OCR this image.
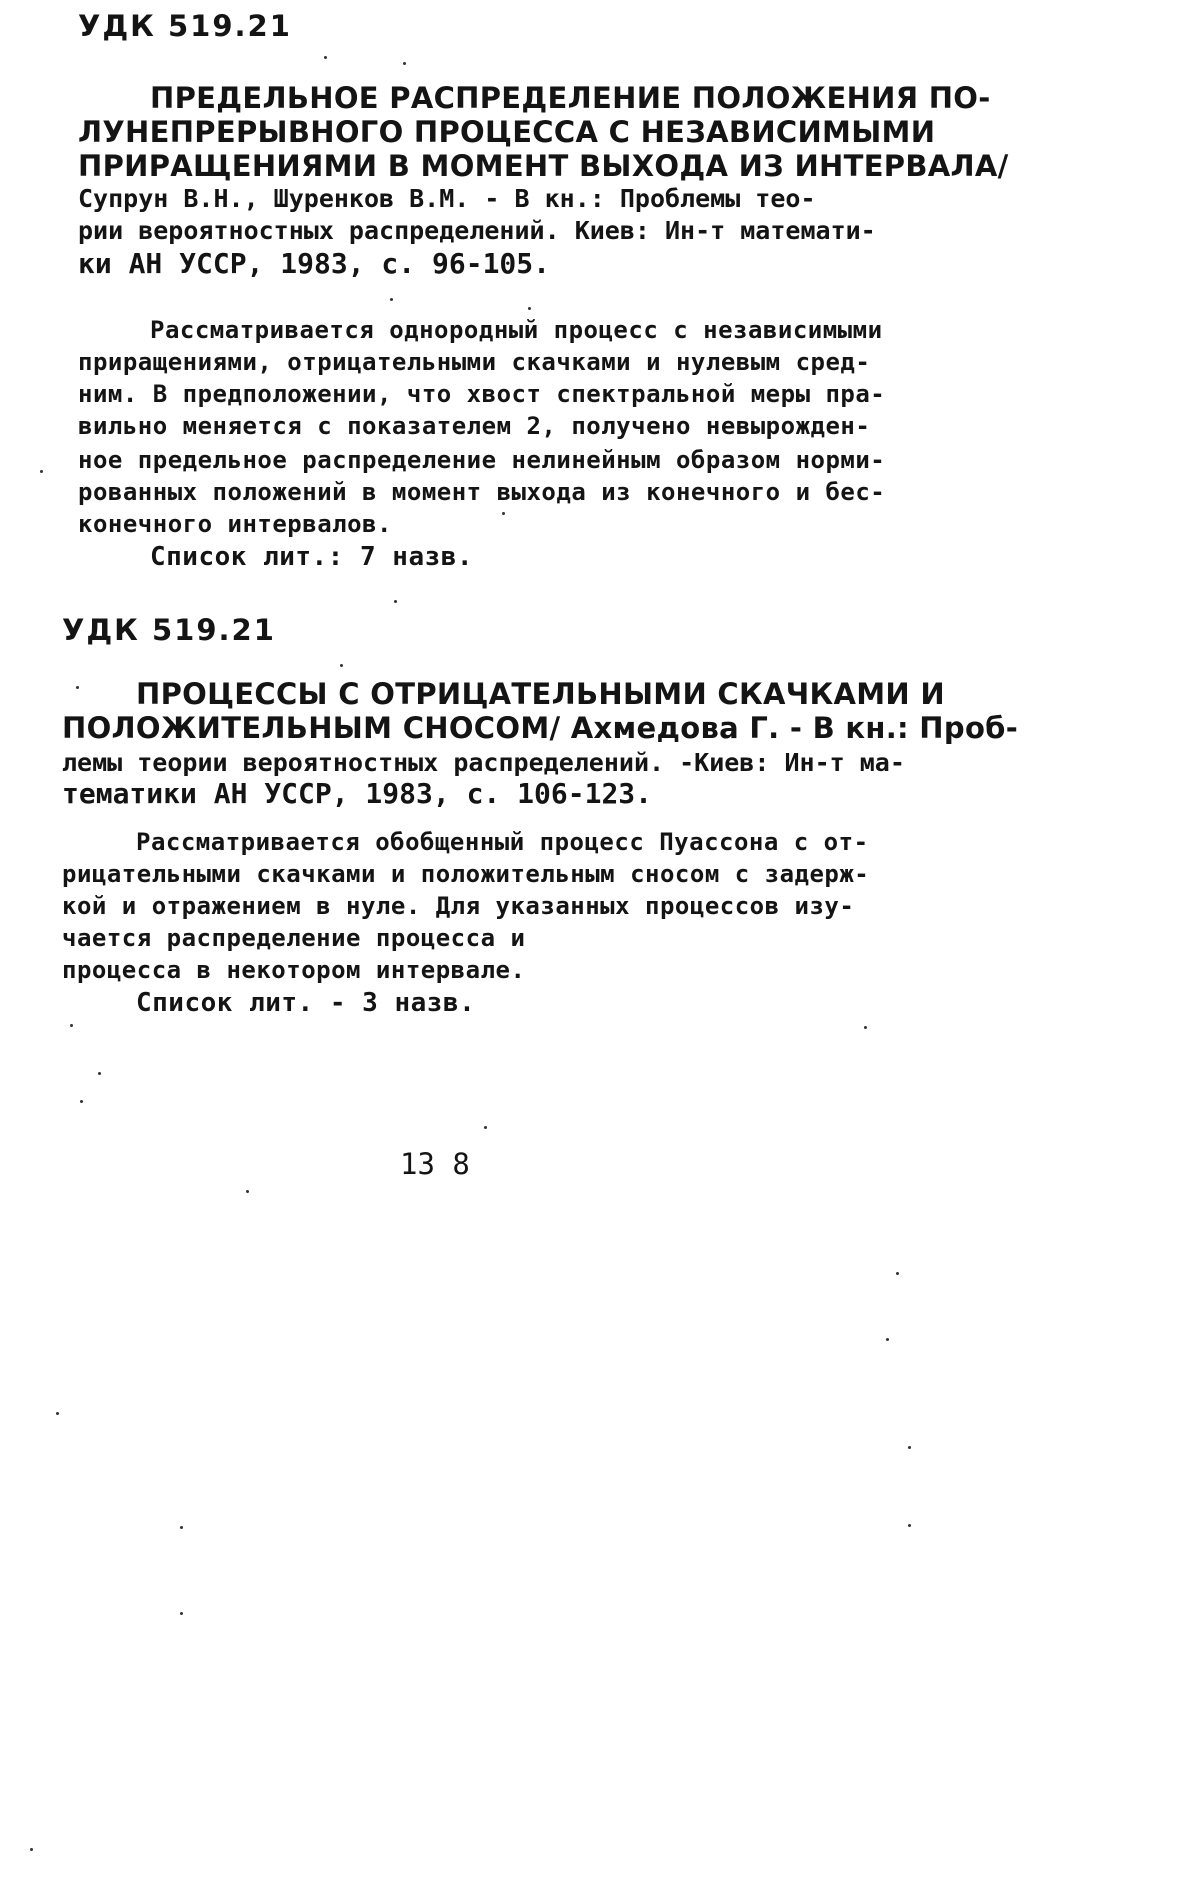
УДК 519.21
ПРЕДЕЛЬНОЕ РАСПРЕДЕЛЕНИЕ ПОЛОЖЕНИЯ ПО-
ЛУНЕПРЕРЫВНОГО ПРОЦЕССА С НЕЗАВИСИМЫМИ
ПРИРАЩЕНИЯМИ В МОМЕНТ ВЫХОДА ИЗ ИНТЕРВАЛА/
Супрун В.Н., Шуренков В.М. - В кн.: Проблемы тео-
рии вероятностных распределений. Киев: Ин-т математи-
ки АН УССР, 1983, с. 96-105.
Рассматривается однородный процесс с независимыми
приращениями, отрицательными скачками и нулевым сред-
ним. В предположении, что хвост спектральной меры пра-
вильно меняется с показателем 2, получено невырожден-
ное предельное распределение нелинейным образом норми-
рованных положений в момент выхода из конечного и бес-
конечного интервалов.
Список лит.: 7 назв.
УДК 519.21
ПРОЦЕССЫ С ОТРИЦАТЕЛЬНЫМИ СКАЧКАМИ И
ПОЛОЖИТЕЛЬНЫМ СНОСОМ/ Ахмедова Г. - В кн.: Проб-
лемы теории вероятностных распределений. -Киев: Ин-т ма-
тематики АН УССР, 1983, с. 106-123.
Рассматривается обобщенный процесс Пуассона с от-
рицательными скачками и положительным сносом с задерж-
кой и отражением в нуле. Для указанных процессов изу-
чается распределение процесса и
процесса в некотором интервале.
Список лит. - 3 назв.
13 8
